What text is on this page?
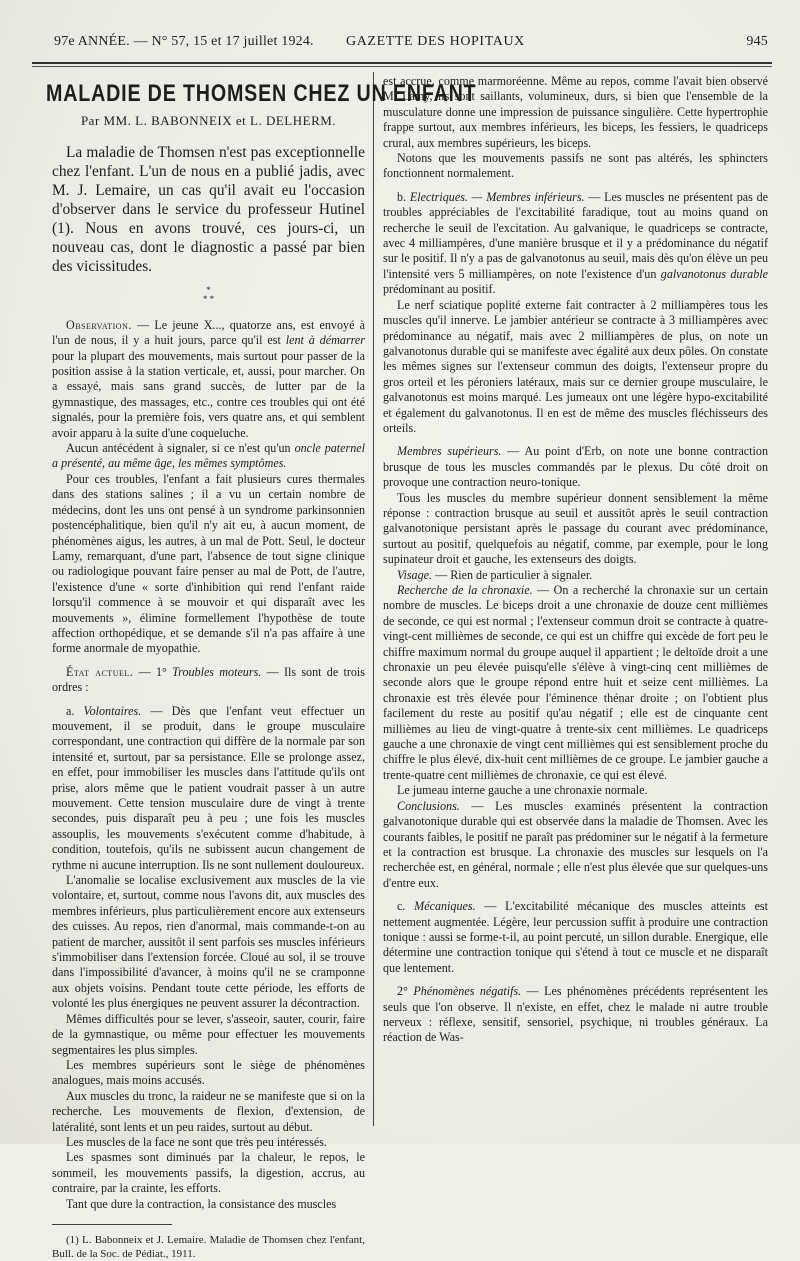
97e ANNÉE. — N° 57, 15 et 17 juillet 1924. GAZETTE DES HOPITAUX	945
MALADIE DE THOMSEN CHEZ UN ENFANT
Par MM. L. BABONNEIX et L. DELHERM.

La maladie de Thomsen n'est pas exceptionnelle chez l'enfant. L'un de nous en a publié jadis, avec M. J. Lemaire, un cas qu'il avait eu l'occasion d'observer dans le service du professeur Hutinel (1). Nous en avons trouvé, ces jours-ci, un nouveau cas, dont le diagnostic a passé par bien des vicissitudes.

*
* *

Observation. — Le jeune X..., quatorze ans, est envoyé à l'un de nous, il y a huit jours, parce qu'il est lent à démarrer pour la plupart des mouvements, mais surtout pour passer de la position assise à la station verticale, et, aussi, pour marcher. On a essayé, mais sans grand succès, de lutter par de la gymnastique, des massages, etc., contre ces troubles qui ont été signalés, pour la première fois, vers quatre ans, et qui semblent avoir apparu à la suite d'une coqueluche.

Aucun antécédent à signaler, si ce n'est qu'un oncle paternel a présenté, au même âge, les mêmes symptômes.

Pour ces troubles, l'enfant a fait plusieurs cures thermales dans des stations salines ; il a vu un certain nombre de médecins, dont les uns ont pensé à un syndrome parkinsonnien postencéphalitique, bien qu'il n'y ait eu, à aucun moment, de phénomènes aigus, les autres, à un mal de Pott. Seul, le docteur Lamy, remarquant, d'une part, l'absence de tout signe clinique ou radiologique pouvant faire penser au mal de Pott, de l'autre, l'existence d'une « sorte d'inhibition qui rend l'enfant raide lorsqu'il commence à se mouvoir et qui disparaît avec les mouvements », élimine formellement l'hypothèse de toute affection orthopédique, et se demande s'il n'a pas affaire à une forme anormale de myopathie.

État actuel. — 1° Troubles moteurs. — Ils sont de trois ordres :

a. Volontaires. — Dès que l'enfant veut effectuer un mouvement, il se produit, dans le groupe musculaire correspondant, une contraction qui diffère de la normale par son intensité et, surtout, par sa persistance. Elle se prolonge assez, en effet, pour immobiliser les muscles dans l'attitude qu'ils ont prise, alors même que le patient voudrait passer à un autre mouvement. Cette tension musculaire dure de vingt à trente secondes, puis disparaît peu à peu ; une fois les muscles assouplis, les mouvements s'exécutent comme d'habitude, à condition, toutefois, qu'ils ne subissent aucun changement de rythme ni aucune interruption. Ils ne sont nullement douloureux.

L'anomalie se localise exclusivement aux muscles de la vie volontaire, et, surtout, comme nous l'avons dit, aux muscles des membres inférieurs, plus particulièrement encore aux extenseurs des cuisses. Au repos, rien d'anormal, mais commande-t-on au patient de marcher, aussitôt il sent parfois ses muscles inférieurs s'immobiliser dans l'extension forcée. Cloué au sol, il se trouve dans l'impossibilité d'avancer, à moins qu'il ne se cramponne aux objets voisins. Pendant toute cette période, les efforts de volonté les plus énergiques ne peuvent assurer la décontraction.

Mêmes difficultés pour se lever, s'asseoir, sauter, courir, faire de la gymnastique, ou même pour effectuer les mouvements segmentaires les plus simples.

Les membres supérieurs sont le siège de phénomènes analogues, mais moins accusés.

Aux muscles du tronc, la raideur ne se manifeste que si on la recherche. Les mouvements de flexion, d'extension, de latéralité, sont lents et un peu raides, surtout au début.

Les muscles de la face ne sont que très peu intéressés.

Les spasmes sont diminués par la chaleur, le repos, le sommeil, les mouvements passifs, la digestion, accrus, au contraire, par la crainte, les efforts.

Tant que dure la contraction, la consistance des muscles

(1) L. Babonneix et J. Lemaire. Maladie de Thomsen chez l'enfant, Bull. de la Soc. de Pédiat., 1911.

est accrue, comme marmoréenne. Même au repos, comme l'avait bien observé M. Lamy, ils sont saillants, volumineux, durs, si bien que l'ensemble de la musculature donne une impression de puissance singulière. Cette hypertrophie frappe surtout, aux membres inférieurs, les biceps, les fessiers, le quadriceps crural, aux membres supérieurs, les biceps.

Notons que les mouvements passifs ne sont pas altérés, les sphincters fonctionnent normalement.

b. Electriques. — Membres inférieurs. — Les muscles ne présentent pas de troubles appréciables de l'excitabilité faradique, tout au moins quand on recherche le seuil de l'excitation. Au galvanique, le quadriceps se contracte, avec 4 milliampères, d'une manière brusque et il y a prédominance du négatif sur le positif. Il n'y a pas de galvanotonus au seuil, mais dès qu'on élève un peu l'intensité vers 5 milliampères, on note l'existence d'un galvanotonus durable prédominant au positif.

Le nerf sciatique poplité externe fait contracter à 2 milliampères tous les muscles qu'il innerve. Le jambier antérieur se contracte à 3 milliampères avec prédominance au négatif, mais avec 2 milliampères de plus, on note un galvanotonus durable qui se manifeste avec égalité aux deux pôles. On constate les mêmes signes sur l'extenseur commun des doigts, l'extenseur propre du gros orteil et les péroniers latéraux, mais sur ce dernier groupe musculaire, le galvanotonus est moins marqué. Les jumeaux ont une légère hypo-excitabilité et également du galvanotonus. Il en est de même des muscles fléchisseurs des orteils.

Membres supérieurs. — Au point d'Erb, on note une bonne contraction brusque de tous les muscles commandés par le plexus. Du côté droit on provoque une contraction neuro-tonique.

Tous les muscles du membre supérieur donnent sensiblement la même réponse : contraction brusque au seuil et aussitôt après le seuil contraction galvanotonique persistant après le passage du courant avec prédominance, surtout au positif, quelquefois au négatif, comme, par exemple, pour le long supinateur droit et gauche, les extenseurs des doigts.

Visage. — Rien de particulier à signaler.

Recherche de la chronaxie. — On a recherché la chronaxie sur un certain nombre de muscles. Le biceps droit a une chronaxie de douze cent millièmes de seconde, ce qui est normal ; l'extenseur commun droit se contracte à quatre-vingt-cent millièmes de seconde, ce qui est un chiffre qui excède de fort peu le chiffre maximum normal du groupe auquel il appartient ; le deltoïde droit a une chronaxie un peu élevée puisqu'elle s'élève à vingt-cinq cent millièmes de seconde alors que le groupe répond entre huit et seize cent millièmes. La chronaxie est très élevée pour l'éminence thénar droite ; on l'obtient plus facilement du reste au positif qu'au négatif ; elle est de cinquante cent millièmes au lieu de vingt-quatre à trente-six cent millièmes. Le quadriceps gauche a une chronaxie de vingt cent millièmes qui est sensiblement proche du chiffre le plus élevé, dix-huit cent millièmes de ce groupe. Le jambier gauche a trente-quatre cent millièmes de chronaxie, ce qui est élevé.

Le jumeau interne gauche a une chronaxie normale.

Conclusions. — Les muscles examinés présentent la contraction galvanotonique durable qui est observée dans la maladie de Thomsen. Avec les courants faibles, le positif ne paraît pas prédominer sur le négatif à la fermeture et la contraction est brusque. La chronaxie des muscles sur lesquels on l'a recherchée est, en général, normale ; elle n'est plus élevée que sur quelques-uns d'entre eux.

c. Mécaniques. — L'excitabilité mécanique des muscles atteints est nettement augmentée. Légère, leur percussion suffit à produire une contraction tonique : aussi se forme-t-il, au point percuté, un sillon durable. Energique, elle détermine une contraction tonique qui s'étend à tout ce muscle et ne disparaît que lentement.

2° Phénomènes négatifs. — Les phénomènes précédents représentent les seuls que l'on observe. Il n'existe, en effet, chez le malade ni autre trouble nerveux : réflexe, sensitif, sensoriel, psychique, ni troubles généraux. La réaction de Was-
